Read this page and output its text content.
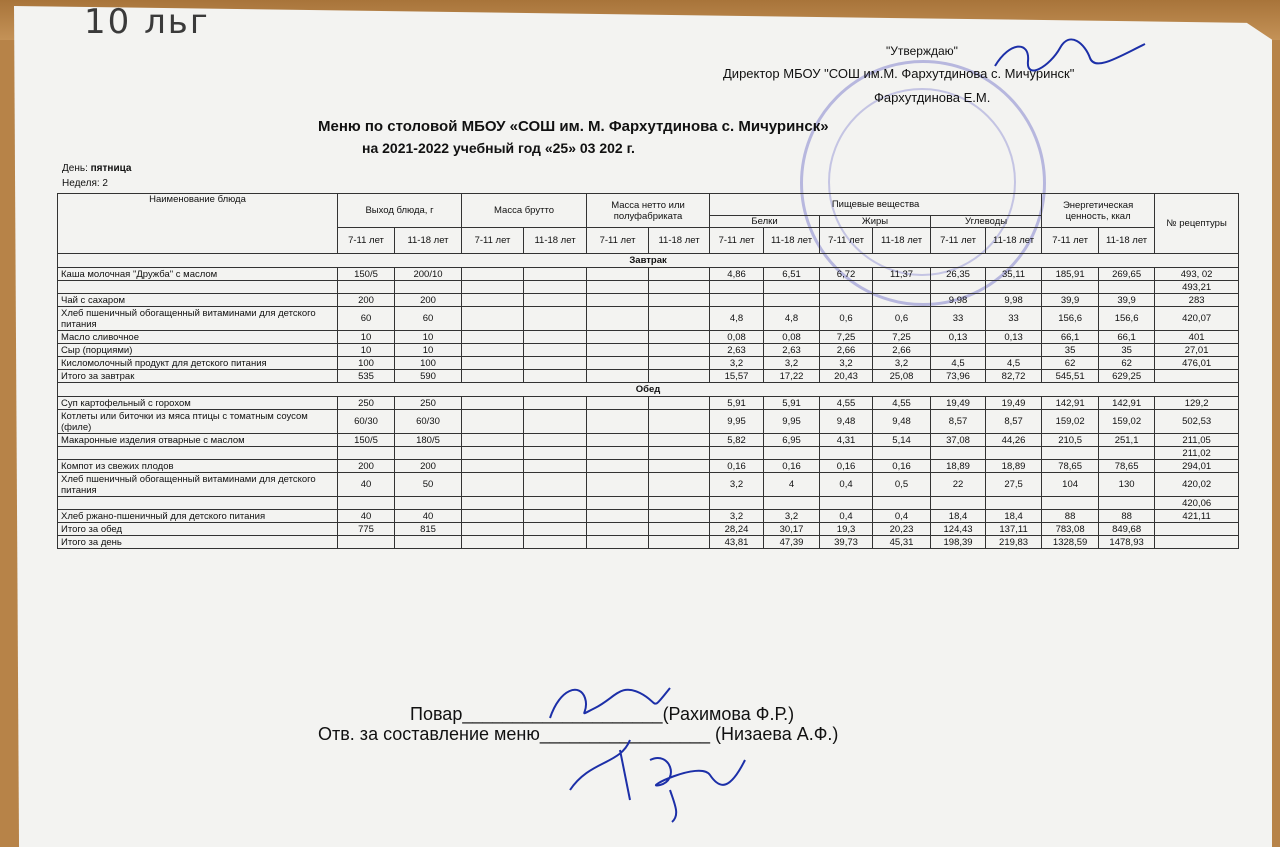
10 льг
"Утверждаю"
Директор МБОУ "СОШ им.М. Фархутдинова с. Мичуринск"
Фархутдинова Е.М.
Меню по столовой МБОУ «СОШ им. М. Фархутдинова с. Мичуринск»
на 2021-2022 учебный год «25» 03 202 г.
День: пятница
Неделя: 2
Наименование блюда	Выход блюда, г		Масса брутто		Масса нетто или полуфабриката		Пищевые вещества						Энергетическая ценность, ккал		№ рецептуры
							Белки		Жиры		Углеводы				
	7-11 лет	11-18 лет	7-11 лет	11-18 лет	7-11 лет	11-18 лет	7-11 лет	11-18 лет	7-11 лет	11-18 лет	7-11 лет	11-18 лет	7-11 лет	11-18 лет	
Завтрак															
Каша молочная "Дружба" с маслом	150/5	200/10					4,86	6,51	6,72	11,37	26,35	35,11	185,91	269,65	493, 02
															493,21
Чай с сахаром	200	200									9,98	9,98	39,9	39,9	283
Хлеб пшеничный обогащенный витаминами для детского питания	60	60					4,8	4,8	0,6	0,6	33	33	156,6	156,6	420,07
Масло сливочное	10	10					0,08	0,08	7,25	7,25	0,13	0,13	66,1	66,1	401
Сыр (порциями)	10	10					2,63	2,63	2,66	2,66			35	35	27,01
Кисломолочный продукт для детского питания	100	100					3,2	3,2	3,2	3,2	4,5	4,5	62	62	476,01
Итого за завтрак	535	590					15,57	17,22	20,43	25,08	73,96	82,72	545,51	629,25	
Обед															
Суп картофельный с горохом	250	250					5,91	5,91	4,55	4,55	19,49	19,49	142,91	142,91	129,2
Котлеты или биточки из мяса птицы с томатным соусом (филе)	60/30	60/30					9,95	9,95	9,48	9,48	8,57	8,57	159,02	159,02	502,53
Макаронные изделия отварные с маслом	150/5	180/5					5,82	6,95	4,31	5,14	37,08	44,26	210,5	251,1	211,05
															211,02
Компот из свежих плодов	200	200					0,16	0,16	0,16	0,16	18,89	18,89	78,65	78,65	294,01
Хлеб пшеничный обогащенный витаминами для детского питания	40	50					3,2	4	0,4	0,5	22	27,5	104	130	420,02
															420,06
Хлеб ржано-пшеничный для детского питания	40	40					3,2	3,2	0,4	0,4	18,4	18,4	88	88	421,11
Итого за обед	775	815					28,24	30,17	19,3	20,23	124,43	137,11	783,08	849,68	
Итого за день							43,81	47,39	39,73	45,31	198,39	219,83	1328,59	1478,93	
Повар____________________(Рахимова Ф.Р.)
Отв. за составление меню_________________ (Низаева А.Ф.)
